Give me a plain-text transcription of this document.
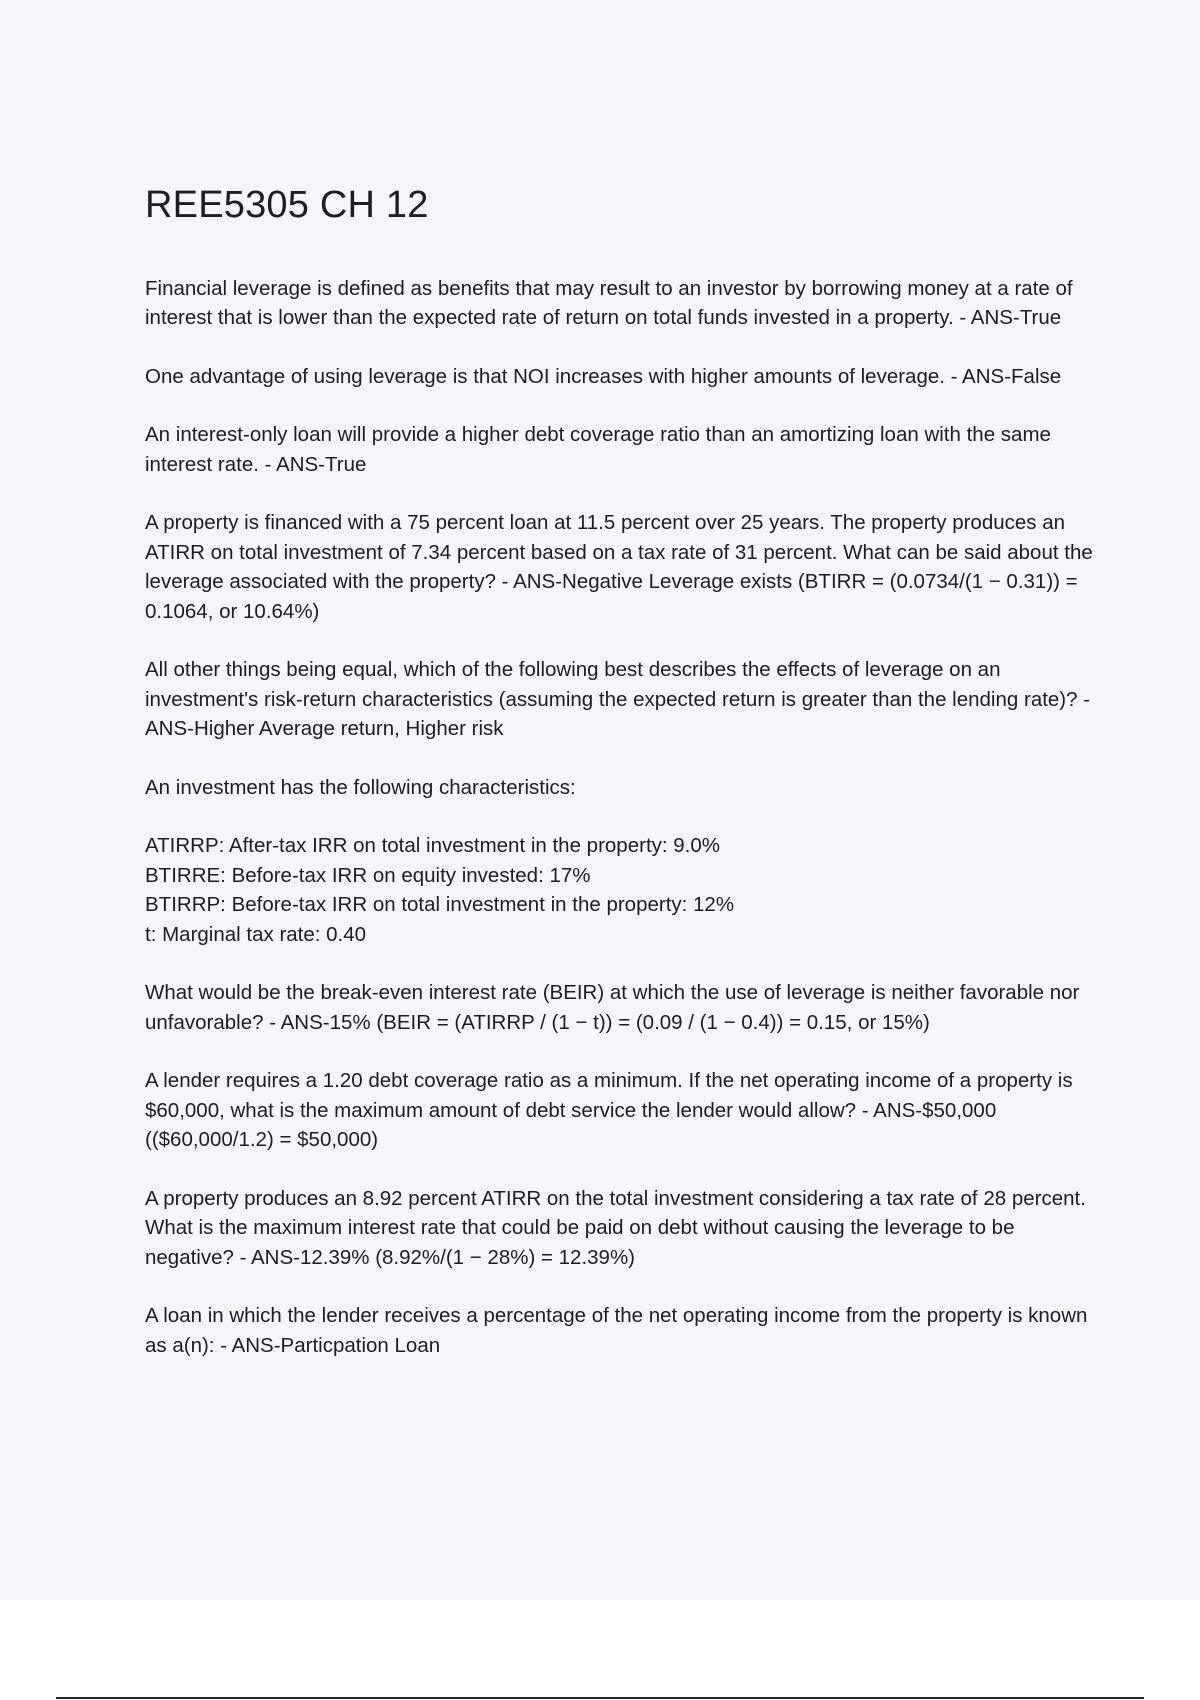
REE5305 CH 12

Financial leverage is defined as benefits that may result to an investor by borrowing money at a rate of interest that is lower than the expected rate of return on total funds invested in a property. - ANS-True

One advantage of using leverage is that NOI increases with higher amounts of leverage. - ANS-False

An interest-only loan will provide a higher debt coverage ratio than an amortizing loan with the same interest rate. - ANS-True

A property is financed with a 75 percent loan at 11.5 percent over 25 years. The property produces an ATIRR on total investment of 7.34 percent based on a tax rate of 31 percent. What can be said about the leverage associated with the property? - ANS-Negative Leverage exists (BTIRR = (0.0734/(1 − 0.31)) = 0.1064, or 10.64%)

All other things being equal, which of the following best describes the effects of leverage on an investment's risk-return characteristics (assuming the expected return is greater than the lending rate)? - ANS-Higher Average return, Higher risk

An investment has the following characteristics:

ATIRRP: After-tax IRR on total investment in the property: 9.0%
BTIRRE: Before-tax IRR on equity invested: 17%
BTIRRP: Before-tax IRR on total investment in the property: 12%
t: Marginal tax rate: 0.40

What would be the break-even interest rate (BEIR) at which the use of leverage is neither favorable nor unfavorable? - ANS-15% (BEIR = (ATIRRP / (1 − t)) = (0.09 / (1 − 0.4)) = 0.15, or 15%)

A lender requires a 1.20 debt coverage ratio as a minimum. If the net operating income of a property is $60,000, what is the maximum amount of debt service the lender would allow? - ANS-$50,000 (($60,000/1.2) = $50,000)

A property produces an 8.92 percent ATIRR on the total investment considering a tax rate of 28 percent. What is the maximum interest rate that could be paid on debt without causing the leverage to be negative? - ANS-12.39% (8.92%/(1 − 28%) = 12.39%)

A loan in which the lender receives a percentage of the net operating income from the property is known as a(n): - ANS-Particpation Loan
